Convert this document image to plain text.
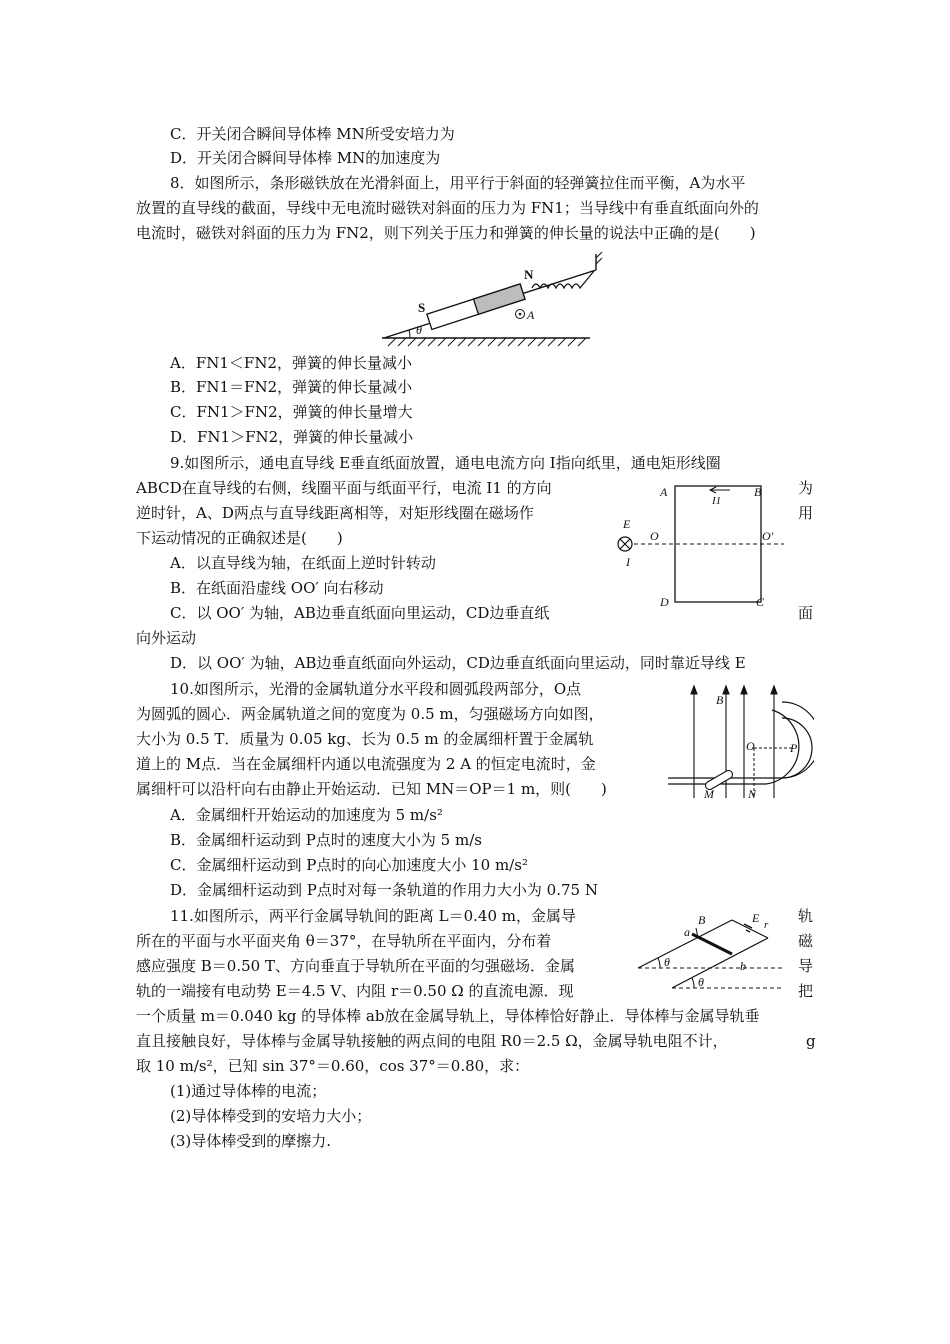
C．开关闭合瞬间导体棒 MN所受安培力为
D．开关闭合瞬间导体棒 MN的加速度为
8．如图所示，条形磁铁放在光滑斜面上，用平行于斜面的轻弹簧拉住而平衡，A为水平
放置的直导线的截面，导线中无电流时磁铁对斜面的压力为 FN1；当导线中有垂直纸面向外的
电流时，磁铁对斜面的压力为 FN2，则下列关于压力和弹簧的伸长量的说法中正确的是(　　)
θ
S
N
A
A．FN1＜FN2，弹簧的伸长量减小
B．FN1＝FN2，弹簧的伸长量减小
C．FN1＞FN2，弹簧的伸长量增大
D．FN1＞FN2，弹簧的伸长量减小
9.如图所示，通电直导线 E垂直纸面放置，通电电流方向 I指向纸里，通电矩形线圈
ABCD在直导线的右侧，线圈平面与纸面平行，电流 I1 的方向	为
逆时针，A、D两点与直导线距离相等，对矩形线圈在磁场作	用
下运动情况的正确叙述是(　　)
A	B
C
D
I1
O	O′
E
I
A．以直导线为轴，在纸面上逆时针转动
B．在纸面沿虚线 OO′ 向右移动
C．以 OO′ 为轴，AB边垂直纸面向里运动，CD边垂直纸	面
向外运动
D．以 OO′ 为轴，AB边垂直纸面向外运动，CD边垂直纸面向里运动，同时靠近导线 E
10.如图所示，光滑的金属轨道分水平段和圆弧段两部分，O点
为圆弧的圆心．两金属轨道之间的宽度为 0.5 m，匀强磁场方向如图，
大小为 0.5 T．质量为 0.05 kg、长为 0.5 m 的金属细杆置于金属轨
道上的 M点．当在金属细杆内通以电流强度为 2 A 的恒定电流时，金
属细杆可以沿杆向右由静止开始运动．已知 MN＝OP＝1 m，则(　　)
B
O	P
M	N
A．金属细杆开始运动的加速度为 5 m/s²
B．金属细杆运动到 P点时的速度大小为 5 m/s
C．金属细杆运动到 P点时的向心加速度大小 10 m/s²
D．金属细杆运动到 P点时对每一条轨道的作用力大小为 0.75 N
11.如图所示，两平行金属导轨间的距离 L＝0.40 m，金属导	轨
所在的平面与水平面夹角 θ＝37°，在导轨所在平面内，分布着	磁
感应强度 B＝0.50 T、方向垂直于导轨所在平面的匀强磁场．金属	导
轨的一端接有电动势 E＝4.5 V、内阻 r＝0.50 Ω 的直流电源．现	把
一个质量 m＝0.040 kg 的导体棒 ab放在金属导轨上，导体棒恰好静止．导体棒与金属导轨垂
直且接触良好，导体棒与金属导轨接触的两点间的电阻 R0＝2.5 Ω，金属导轨电阻不计，	g
取 10 m/s²，已知 sin 37°＝0.60，cos 37°＝0.80，求：
B
a
b
E r
θ
θ
(1)通过导体棒的电流；
(2)导体棒受到的安培力大小；
(3)导体棒受到的摩擦力.
